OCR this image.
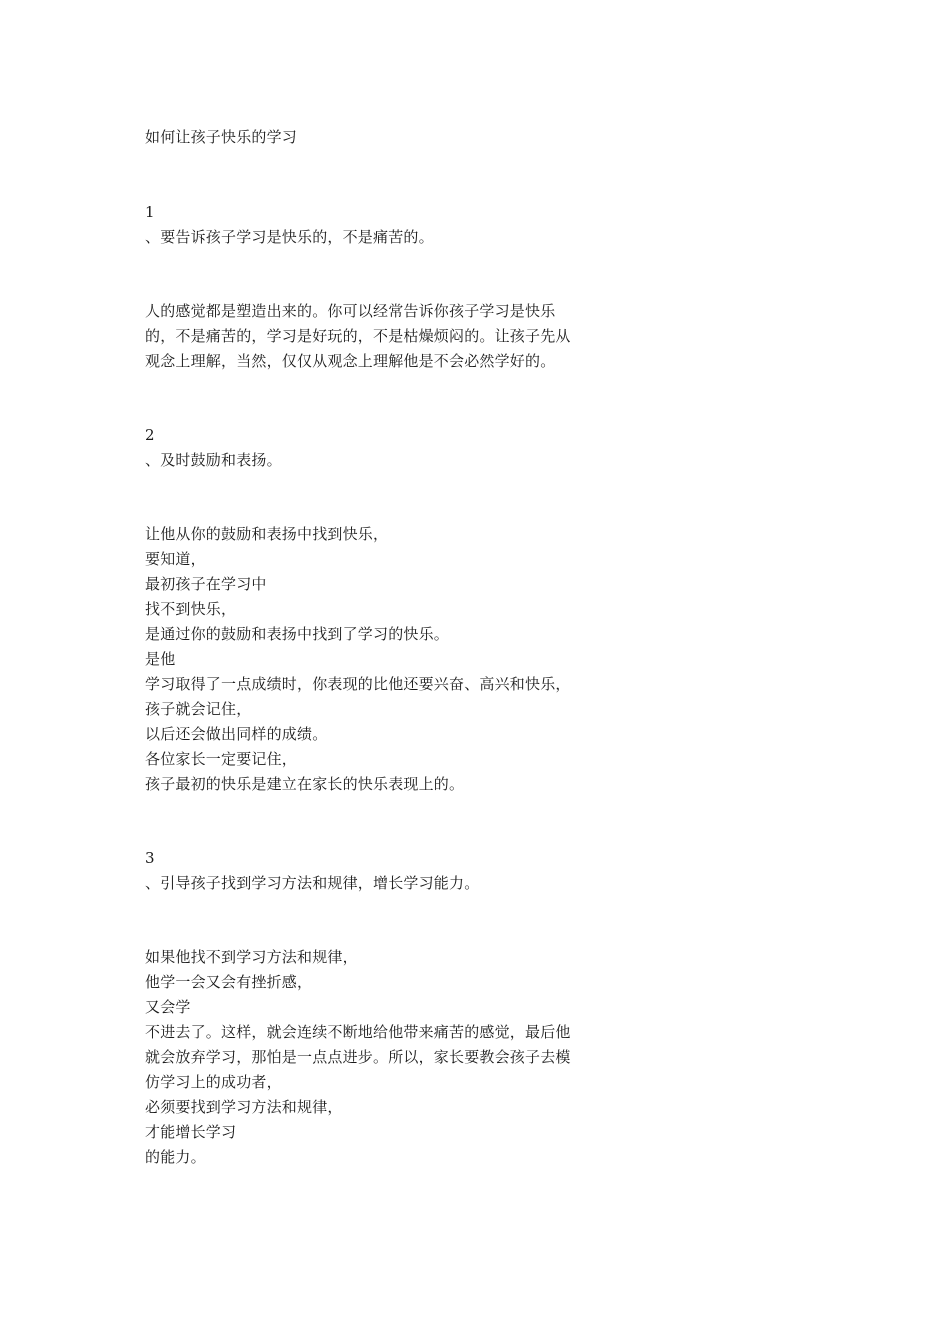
如何让孩子快乐的学习
1
、要告诉孩子学习是快乐的，不是痛苦的。
人的感觉都是塑造出来的。你可以经常告诉你孩子学习是快乐
的，不是痛苦的，学习是好玩的，不是枯燥烦闷的。让孩子先从
观念上理解，当然，仅仅从观念上理解他是不会必然学好的。
2
、及时鼓励和表扬。
让他从你的鼓励和表扬中找到快乐，
要知道，
最初孩子在学习中
找不到快乐，
是通过你的鼓励和表扬中找到了学习的快乐。
是他
学习取得了一点成绩时，你表现的比他还要兴奋、高兴和快乐，
孩子就会记住，
以后还会做出同样的成绩。
各位家长一定要记住，
孩子最初的快乐是建立在家长的快乐表现上的。
3
、引导孩子找到学习方法和规律，增长学习能力。
如果他找不到学习方法和规律，
他学一会又会有挫折感，
又会学
不进去了。这样，就会连续不断地给他带来痛苦的感觉，最后他
就会放弃学习，那怕是一点点进步。所以，家长要教会孩子去模
仿学习上的成功者，
必须要找到学习方法和规律，
才能增长学习
的能力。
